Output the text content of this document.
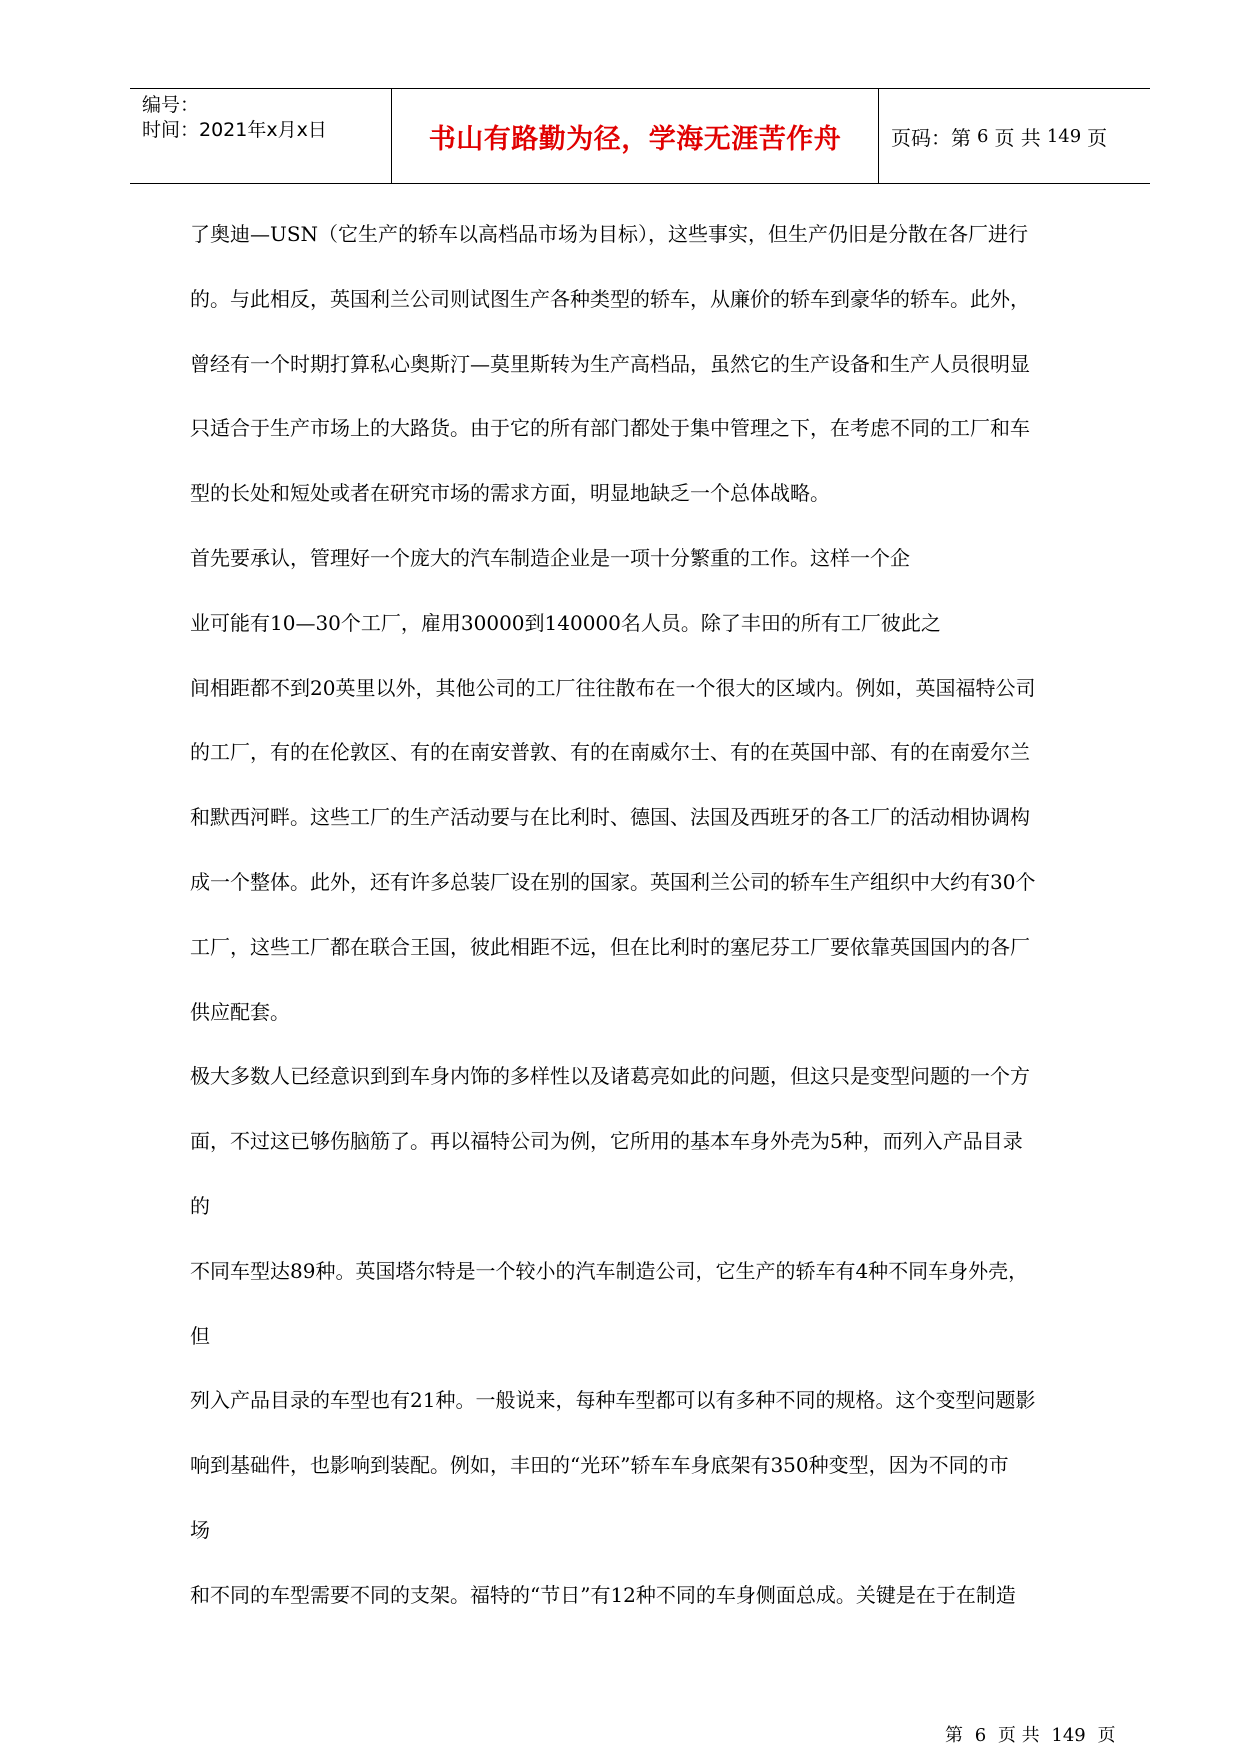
编号：
时间：2021年x月x日	书山有路勤为径，学海无涯苦作舟 页码：第 6 页 共 149 页
了奥迪—USN（它生产的轿车以高档品市场为目标），这些事实，但生产仍旧是分散在各厂进行
的。与此相反，英国利兰公司则试图生产各种类型的轿车，从廉价的轿车到豪华的轿车。此外，
曾经有一个时期打算私心奥斯汀—莫里斯转为生产高档品，虽然它的生产设备和生产人员很明显
只适合于生产市场上的大路货。由于它的所有部门都处于集中管理之下，在考虑不同的工厂和车
型的长处和短处或者在研究市场的需求方面，明显地缺乏一个总体战略。
首先要承认，管理好一个庞大的汽车制造企业是一项十分繁重的工作。这样一个企
业可能有10—30个工厂，雇用30000到140000名人员。除了丰田的所有工厂彼此之
间相距都不到20英里以外，其他公司的工厂往往散布在一个很大的区域内。例如，英国福特公司
的工厂，有的在伦敦区、有的在南安普敦、有的在南威尔士、有的在英国中部、有的在南爱尔兰
和默西河畔。这些工厂的生产活动要与在比利时、德国、法国及西班牙的各工厂的活动相协调构
成一个整体。此外，还有许多总装厂设在别的国家。英国利兰公司的轿车生产组织中大约有30个
工厂，这些工厂都在联合王国，彼此相距不远，但在比利时的塞尼芬工厂要依靠英国国内的各厂
供应配套。
极大多数人已经意识到到车身内饰的多样性以及诸葛亮如此的问题，但这只是变型问题的一个方
面，不过这已够伤脑筋了。再以福特公司为例，它所用的基本车身外壳为5种，而列入产品目录
的
不同车型达89种。英国塔尔特是一个较小的汽车制造公司，它生产的轿车有4种不同车身外壳，
但
列入产品目录的车型也有21种。一般说来，每种车型都可以有多种不同的规格。这个变型问题影
响到基础件，也影响到装配。例如，丰田的“光环”轿车车身底架有350种变型，因为不同的市
场
和不同的车型需要不同的支架。福特的“节日”有12种不同的车身侧面总成。关键是在于在制造
第 6 页 共 149 页
